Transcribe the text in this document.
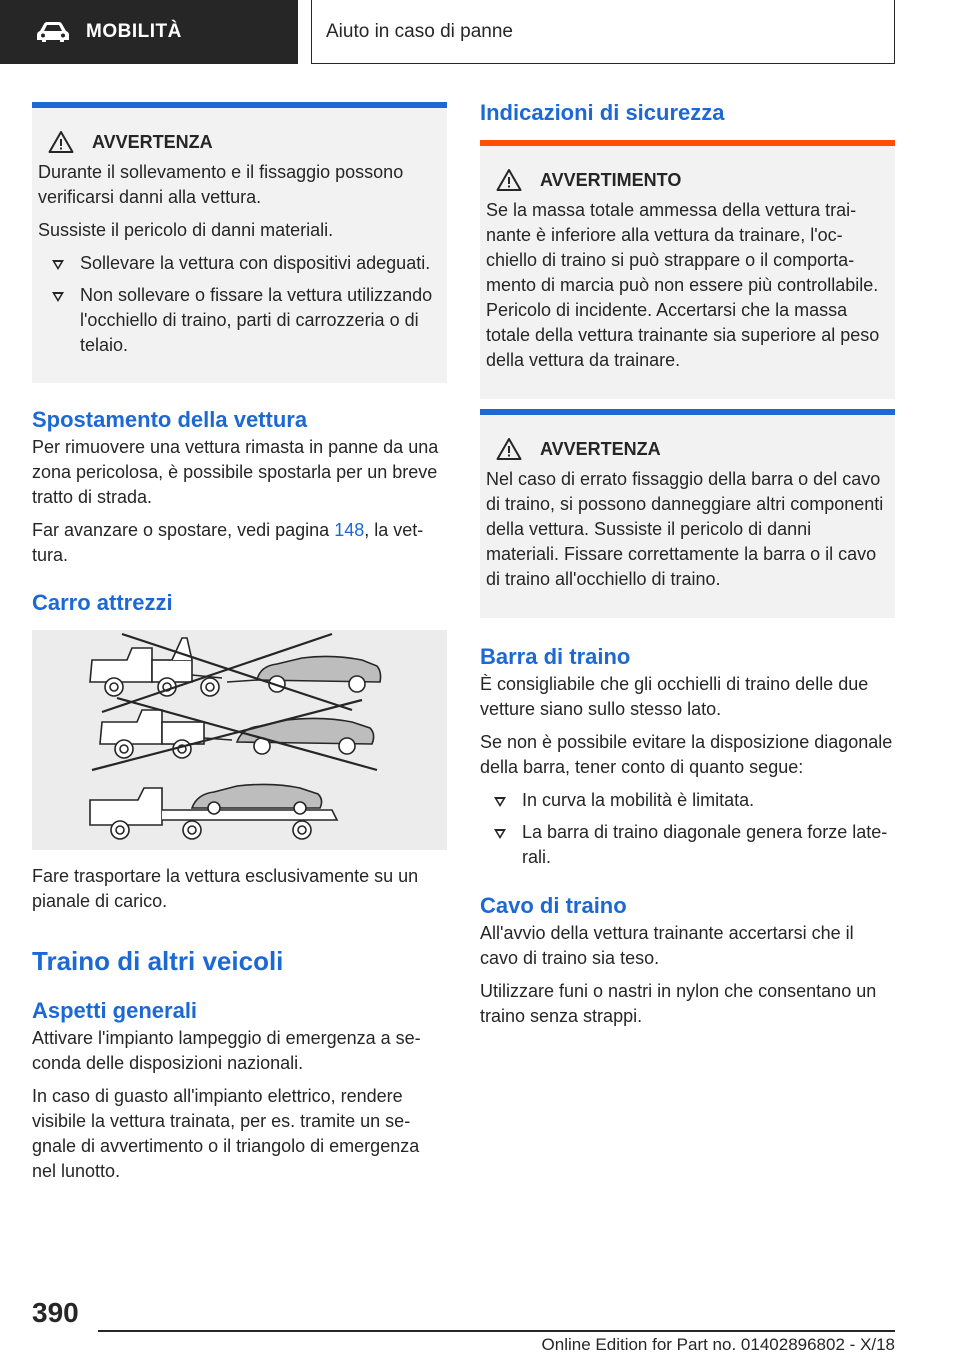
MOBILITÀ	Aiuto in caso di panne
AVVERTENZA

Durante il sollevamento e il fissaggio possono verificarsi danni alla vettura.

Sussiste il pericolo di danni materiali.

Sollevare la vettura con dispositivi adeguati.
Non sollevare o fissare la vettura utilizzando l'occhiello di traino, parti di carrozzeria o di telaio.
Spostamento della vettura

Per rimuovere una vettura rimasta in panne da una zona pericolosa, è possibile spostarla per un breve tratto di strada.

Far avanzare o spostare, vedi pagina 148, la vettura.

Carro attrezzi

Fare trasportare la vettura esclusivamente su un pianale di carico.

Traino di altri veicoli
Aspetti generali

Attivare l'impianto lampeggio di emergenza a seconda delle disposizioni nazionali.

In caso di guasto all'impianto elettrico, rendere visibile la vettura trainata, per es. tramite un segnale di avvertimento o il triangolo di emergenza nel lunotto.

Indicazioni di sicurezza
AVVERTIMENTO

Se la massa totale ammessa della vettura trainante è inferiore alla vettura da trainare, l'occhiello di traino si può strappare o il comportamento di marcia può non essere più controllabile. Pericolo di incidente. Accertarsi che la massa totale della vettura trainante sia superiore al peso della vettura da trainare.

AVVERTENZA

Nel caso di errato fissaggio della barra o del cavo di traino, si possono danneggiare altri componenti della vettura. Sussiste il pericolo di danni materiali. Fissare correttamente la barra o il cavo di traino all'occhiello di traino.

Barra di traino

È consigliabile che gli occhielli di traino delle due vetture siano sullo stesso lato.

Se non è possibile evitare la disposizione diagonale della barra, tener conto di quanto segue:

In curva la mobilità è limitata.
La barra di traino diagonale genera forze laterali.
Cavo di traino

All'avvio della vettura trainante accertarsi che il cavo di traino sia teso.

Utilizzare funi o nastri in nylon che consentano un traino senza strappi.

390
Online Edition for Part no. 01402896802 - X/18
